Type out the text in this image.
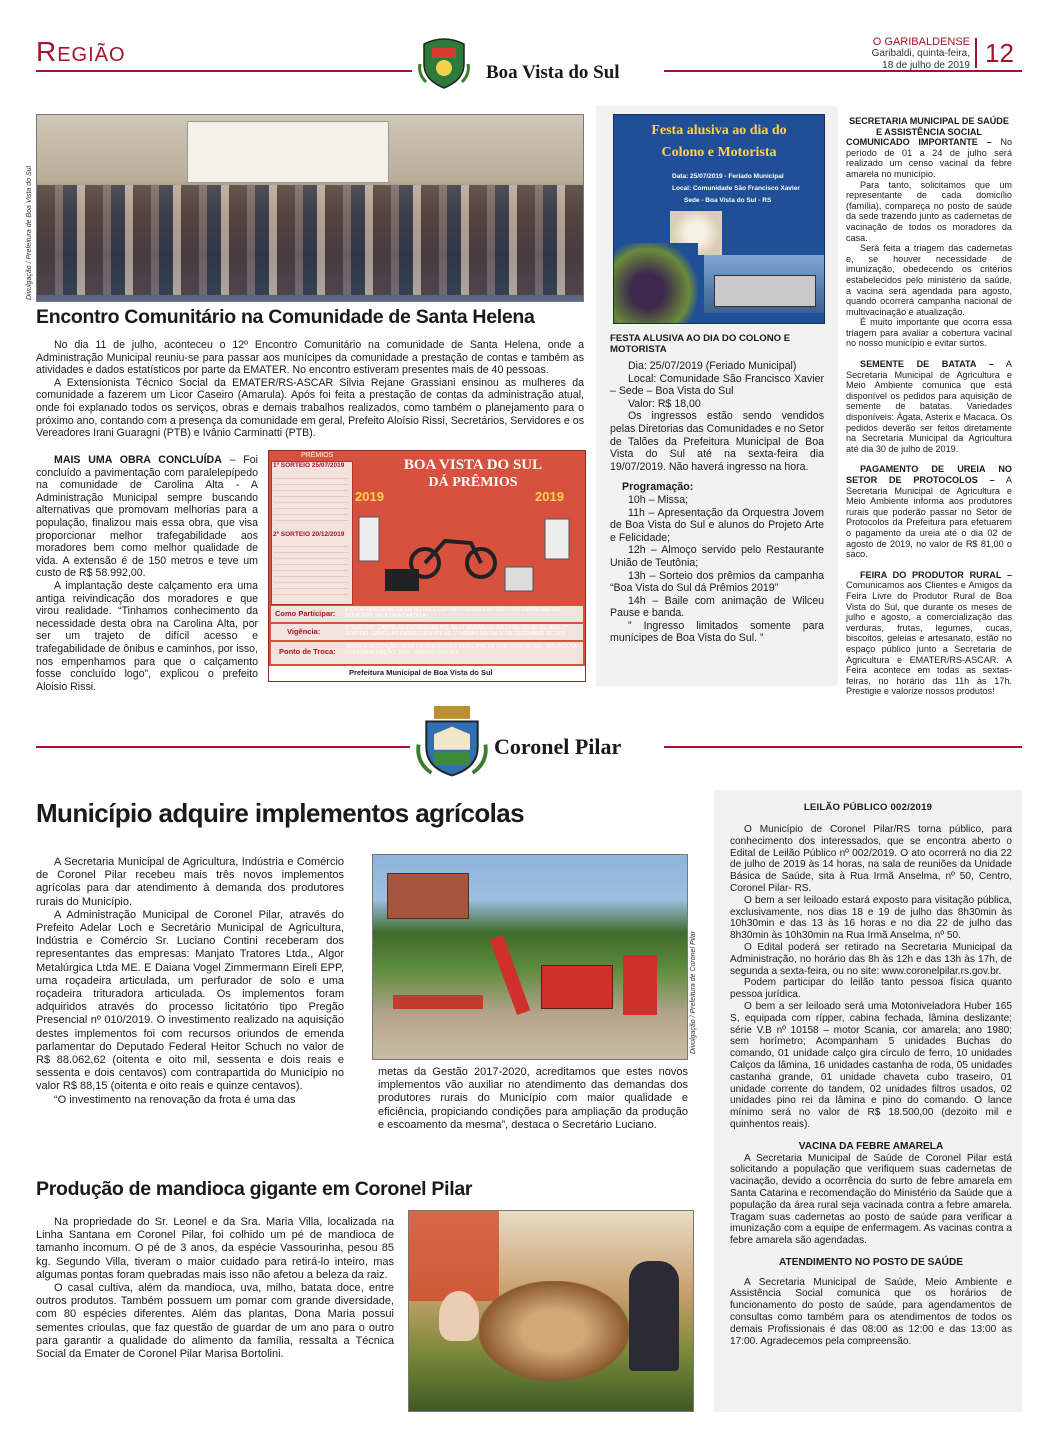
Região
Boa Vista do Sul
O GARIBALDENSE
Garibaldi, quinta-feira,
18 de julho de 2019 12
Divulgação / Prefeitura de Boa Vista do Sul
Encontro Comunitário na Comunidade de Santa Helena

No dia 11 de julho, aconteceu o 12º Encontro Comunitário na comunidade de Santa Helena, onde a Administração Municipal reuniu-se para passar aos munícipes da comunidade a prestação de contas e também as atividades e dados estatísticos por parte da EMATER. No encontro estiveram presentes mais de 40 pessoas.

A Extensionista Técnico Social da EMATER/RS-ASCAR Silvia Rejane Grassiani ensinou as mulheres da comunidade a fazerem um Licor Caseiro (Amarula). Após foi feita a prestação de contas da administração atual, onde foi explanado todos os serviços, obras e demais trabalhos realizados, como também o planejamento para o próximo ano, contando com a presença da comunidade em geral, Prefeito Aloísio Rissi, Secretários, Servidores e os Vereadores Irani Guaragni (PTB) e Ivânio Carminatti (PTB).

MAIS UMA OBRA CONCLUÍDA – Foi concluído a pavimentação com paralelepípedo na comunidade de Carolina Alta - A Administração Municipal sempre buscando alternativas que promovam melhorias para a população, finalizou mais essa obra, que visa proporcionar melhor trafegabilidade aos moradores bem como melhor qualidade de vida. A extensão é de 150 metros e teve um custo de R$ 58.992,00.

A implantação deste calçamento era uma antiga reivindicação dos moradores e que virou realidade. “Tinhamos conhecimento da necessidade desta obra na Carolina Alta, por ser um trajeto de difícil acesso e trafegabilidade de ônibus e caminhos, por isso, nos empenhamos para que o calçamento fosse concluído logo”, explicou o prefeito Aloisio Rissi.

PRÊMIOS
1º SORTEIO 25/07/2019
2º SORTEIO 20/12/2019
BOA VISTA DO SUL
DÁ PRÊMIOS
2019	2019
Como Participar: A CADA R$ 50,00 REAIS EM NOTAS E CUPONS FISCAIS EMITIDOS POR EMPRESAS DO MUNICÍPIO. VALE UMA CARTELA.
Vigência:	1º SORTEIO: CARTELAS ENTREGUES ATÉ ÀS 17 HORAS DO DIA 24 DE JULHO DE 2019. 2º SORTEIO: CARTELAS ENTREGUES ATÉ ÀS 17 HORAS DO DIA 20 DE DEZEMBRO DE 2019
Ponto de Troca: JUNTO À RECEPÇÃO, SEDE DA PREFEITURA MUNICIPAL DE BOA VISTA DO SUL, SITUADA NA RUA EMANCIPAÇÃO, 2470 - BAIRRO CENTRO.
Prefeitura Municipal de Boa Vista do Sul
Festa alusiva ao dia do
Colono e Motorista
Data: 25/07/2019 - Feriado Municipal
Local: Comunidade São Francisco Xavier
Sede - Boa Vista do Sul - RS
FESTA ALUSIVA AO DIA DO COLONO E MOTORISTA

Dia: 25/07/2019 (Feriado Municipal)

Local: Comunidade São Francisco Xavier – Sede – Boa Vista do Sul

Valor: R$ 18,00

Os ingressos estão sendo vendidos pelas Diretorias das Comunidades e no Setor de Talões da Prefeitura Municipal de Boa Vista do Sul até na sexta-feira dia 19/07/2019. Não haverá ingresso na hora.

Programação:

10h – Missa;

11h – Apresentação da Orquestra Jovem de Boa Vista do Sul e alunos do Projeto Arte e Felicidade;

12h – Almoço servido pelo Restaurante União de Teutônia;

13h – Sorteio dos prêmios da campanha “Boa Vista do Sul dá Prêmios 2019”

14h – Baile com animação de Wilceu Pause e banda.

” Ingresso limitados somente para munícipes de Boa Vista do Sul. ”

SECRETARIA MUNICIPAL DE SAÚDE E ASSISTÊNCIA SOCIAL

COMUNICADO IMPORTANTE – No período de 01 a 24 de julho será realizado um censo vacinal da febre amarela no município.

Para tanto, solicitamos que um representante de cada domicílio (família), compareça no posto de saúde da sede trazendo junto as cadernetas de vacinação de todos os moradores da casa.

Será feita a triagem das cadernetas e, se houver necessidade de imunização, obedecendo os critérios estabelecidos pelo ministério da saúde, a vacina será agendada para agosto, quando ocorrerá campanha nacional de multivacinação e atualização.

É muito importante que ocorra essa triagem para avaliar a cobertura vacinal no nosso município e evitar surtos.

SEMENTE DE BATATA – A Secretaria Municipal de Agricultura e Meio Ambiente comunica que está disponível os pedidos para aquisição de semente de batatas. Variedades disponíveis: Ágata, Asterix e Macaca. Os pedidos deverão ser feitos diretamente na Secretaria Municipal da Agricultura até dia 30 de julho de 2019.

PAGAMENTO DE UREIA NO SETOR DE PROTOCOLOS – A Secretaria Municipal de Agricultura e Meio Ambiente informa aos produtores rurais que poderão passar no Setor de Protocolos da Prefeitura para efetuarem o pagamento da ureia até o dia 02 de agosto de 2019, no valor de R$ 81,00 o saco.

FEIRA DO PRODUTOR RURAL – Comunicamos aos Clientes e Amigos da Feira Livre do Produtor Rural de Boa Vista do Sul, que durante os meses de julho e agosto, a comercialização das verduras, frutas, legumes, cucas, biscoitos, geleias e artesanato, estão no espaço público junto a Secretaria de Agricultura e EMATER/RS-ASCAR. A Feira acontece em todas as sextas-feiras, no horário das 11h às 17h. Prestigie e valorize nossos produtos!

Coronel Pilar
Município adquire implementos agrícolas

A Secretaria Municipal de Agricultura, Indústria e Comércio de Coronel Pilar recebeu mais três novos implementos agrícolas para dar atendimento à demanda dos produtores rurais do Município.

A Administração Municipal de Coronel Pilar, através do Prefeito Adelar Loch e Secretário Municipal de Agricultura, Indústria e Comércio Sr. Luciano Contini receberam dos representantes das empresas: Manjato Tratores Ltda., Algor Metalúrgica Ltda ME. E Daiana Vogel Zimmermann Eireli EPP, uma roçadeira articulada, um perfurador de solo e uma roçadeira trituradora articulada. Os implementos foram adquiridos através do processo licitatório tipo Pregão Presencial nº 010/2019. O investimento realizado na aquisição destes implementos foi com recursos oriundos de emenda parlamentar do Deputado Federal Heitor Schuch no valor de R$ 88.062,62 (oitenta e oito mil, sessenta e dois reais e sessenta e dois centavos) com contrapartida do Município no valor R$ 88,15 (oitenta e oito reais e quinze centavos).

“O investimento na renovação da frota é uma das

Divulgação / Prefeitura de Coronel Pilar
metas da Gestão 2017-2020, acreditamos que estes novos implementos vão auxiliar no atendimento das demandas dos produtores rurais do Município com maior qualidade e eficiência, propiciando condições para ampliação da produção e escoamento da mesma”, destaca o Secretário Luciano.
Produção de mandioca gigante em Coronel Pilar

Na propriedade do Sr. Leonel e da Sra. Maria Villa, localizada na Linha Santana em Coronel Pilar, foi colhido um pé de mandioca de tamanho incomum. O pé de 3 anos, da espécie Vassourinha, pesou 85 kg. Segundo Villa, tiveram o maior cuidado para retirá-lo inteiro, mas algumas pontas foram quebradas mais isso não afetou a beleza da raiz.

O casal cultiva, além da mandioca, uva, milho, batata doce, entre outros produtos. Também possuem um pomar com grande diversidade, com 80 espécies diferentes. Além das plantas, Dona Maria possui sementes crioulas, que faz questão de guardar de um ano para o outro para garantir a qualidade do alimento da família, ressalta a Técnica Social da Emater de Coronel Pilar Marisa Bortolini.

LEILÃO PÚBLICO 002/2019

O Município de Coronel Pilar/RS torna público, para conhecimento dos interessados, que se encontra aberto o Edital de Leilão Público nº 002/2019. O ato ocorrerá no dia 22 de julho de 2019 às 14 horas, na sala de reuniões da Unidade Básica de Saúde, sita à Rua Irmã Anselma, nº 50, Centro, Coronel Pilar- RS.

O bem a ser leiloado estará exposto para visitação pública, exclusivamente, nos dias 18 e 19 de julho das 8h30min às 10h30min e das 13 às 16 horas e no dia 22 de julho das 8h30min às 10h30min na Rua Irmã Anselma, nº 50.

O Edital poderá ser retirado na Secretaria Municipal da Administração, no horário das 8h às 12h e das 13h às 17h, de segunda a sexta-feira, ou no site: www.coronelpilar.rs.gov.br.

Podem participar do leilão tanto pessoa física quanto pessoa jurídica.

O bem a ser leiloado será uma Motoniveladora Huber 165 S, equipada com rípper, cabina fechada, lâmina deslizante; série V.B nº 10158 – motor Scania, cor amarela; ano 1980; sem horímetro; Acompanham 5 unidades Buchas do comando, 01 unidade calço gira círculo de ferro, 10 unidades Calços da lâmina, 16 unidades castanha de roda, 05 unidades castanha grande, 01 unidade chaveta cubo traseiro, 01 unidade corrente do tandem, 02 unidades filtros usados, 02 unidades pino rei da lâmina e pino do comando. O lance mínimo será no valor de R$ 18.500,00 (dezoito mil e quinhentos reais).

VACINA DA FEBRE AMARELA

A Secretaria Municipal de Saúde de Coronel Pilar está solicitando a população que verifiquem suas cadernetas de vacinação, devido a ocorrência do surto de febre amarela em Santa Catarina e recomendação do Ministério da Saúde que a população da área rural seja vacinada contra a febre amarela. Tragam suas cadernetas ao posto de saúde para verificar a imunização com a equipe de enfermagem. As vacinas contra a febre amarela são agendadas.

ATENDIMENTO NO POSTO DE SAÚDE

A Secretaria Municipal de Saúde, Meio Ambiente e Assistência Social comunica que os horários de funcionamento do posto de saúde, para agendamentos de consultas como também para os atendimentos de todos os demais Profissionais é das 08:00 as 12:00 e das 13:00 as 17:00. Agradecemos pela compreensão.
